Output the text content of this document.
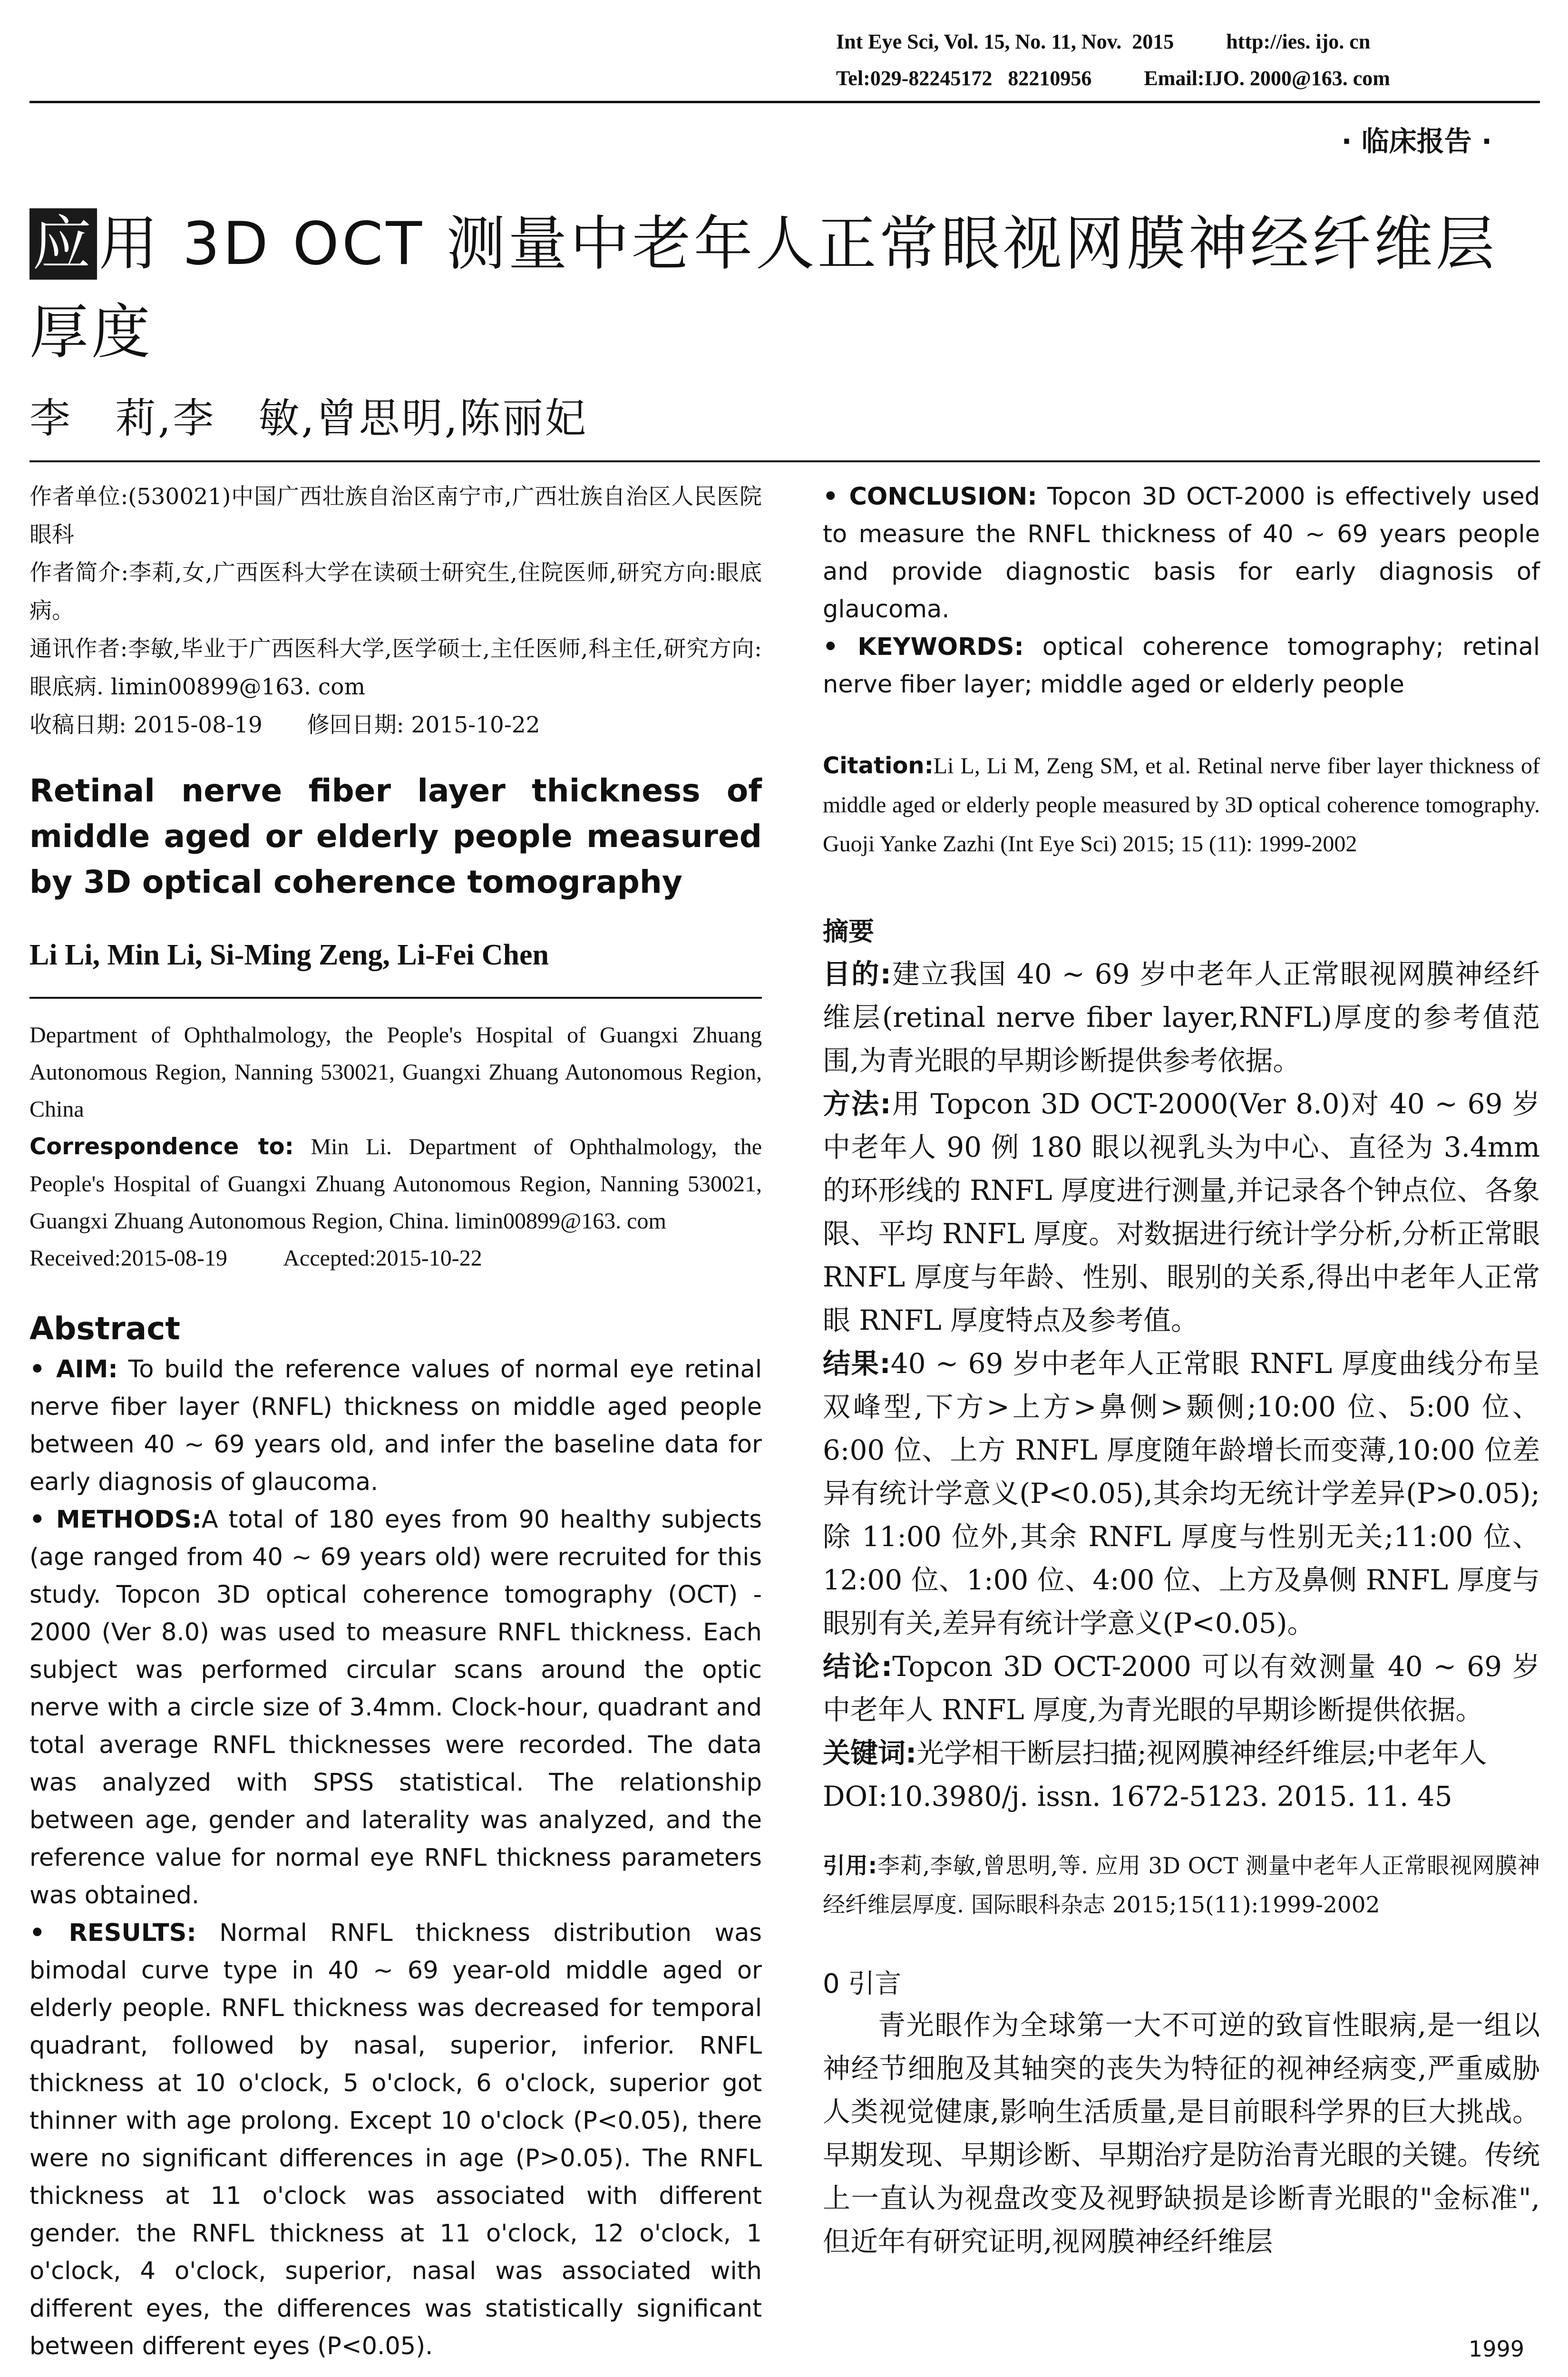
Int Eye Sci, Vol. 15, No. 11, Nov.  2015          http://ies. ijo. cn
Tel:029-82245172   82210956          Email:IJO. 2000@163. com
· 临床报告 ·
应用 3D OCT 测量中老年人正常眼视网膜神经纤维层厚度
李　莉,李　敏,曾思明,陈丽妃
作者单位:(530021)中国广西壮族自治区南宁市,广西壮族自治区人民医院眼科
作者简介:李莉,女,广西医科大学在读硕士研究生,住院医师,研究方向:眼底病。
通讯作者:李敏,毕业于广西医科大学,医学硕士,主任医师,科主任,研究方向:眼底病. limin00899@163. com
收稿日期: 2015-08-19　　修回日期: 2015-10-22
Retinal nerve fiber layer thickness of middle aged or elderly people measured by 3D optical coherence tomography
Li Li, Min Li, Si-Ming Zeng, Li-Fei Chen
Department of Ophthalmology, the People's Hospital of Guangxi Zhuang Autonomous Region, Nanning 530021, Guangxi Zhuang Autonomous Region, China
Correspondence to: Min Li. Department of Ophthalmology, the People's Hospital of Guangxi Zhuang Autonomous Region, Nanning 530021, Guangxi Zhuang Autonomous Region, China. limin00899@163. com
Received:2015-08-19 Accepted:2015-10-22
Abstract

• AIM: To build the reference values of normal eye retinal nerve fiber layer (RNFL) thickness on middle aged people between 40 ~ 69 years old, and infer the baseline data for early diagnosis of glaucoma.

• METHODS:A total of 180 eyes from 90 healthy subjects (age ranged from 40 ~ 69 years old) were recruited for this study. Topcon 3D optical coherence tomography (OCT) - 2000 (Ver 8.0) was used to measure RNFL thickness. Each subject was performed circular scans around the optic nerve with a circle size of 3.4mm. Clock-hour, quadrant and total average RNFL thicknesses were recorded. The data was analyzed with SPSS statistical. The relationship between age, gender and laterality was analyzed, and the reference value for normal eye RNFL thickness parameters was obtained.

• RESULTS: Normal RNFL thickness distribution was bimodal curve type in 40 ~ 69 year-old middle aged or elderly people. RNFL thickness was decreased for temporal quadrant, followed by nasal, superior, inferior. RNFL thickness at 10 o'clock, 5 o'clock, 6 o'clock, superior got thinner with age prolong. Except 10 o'clock (P<0.05), there were no significant differences in age (P>0.05). The RNFL thickness at 11 o'clock was associated with different gender. the RNFL thickness at 11 o'clock, 12 o'clock, 1 o'clock, 4 o'clock, superior, nasal was associated with different eyes, the differences was statistically significant between different eyes (P<0.05).

• CONCLUSION: Topcon 3D OCT-2000 is effectively used to measure the RNFL thickness of 40 ~ 69 years people and provide diagnostic basis for early diagnosis of glaucoma.

• KEYWORDS: optical coherence tomography; retinal nerve fiber layer; middle aged or elderly people

Citation:Li L, Li M, Zeng SM, et al. Retinal nerve fiber layer thickness of middle aged or elderly people measured by 3D optical coherence tomography. Guoji Yanke Zazhi (Int Eye Sci) 2015; 15 (11): 1999-2002
摘要
目的:建立我国 40 ~ 69 岁中老年人正常眼视网膜神经纤维层(retinal nerve fiber layer,RNFL)厚度的参考值范围,为青光眼的早期诊断提供参考依据。
方法:用 Topcon 3D OCT-2000(Ver 8.0)对 40 ~ 69 岁中老年人 90 例 180 眼以视乳头为中心、直径为 3.4mm 的环形线的 RNFL 厚度进行测量,并记录各个钟点位、各象限、平均 RNFL 厚度。对数据进行统计学分析,分析正常眼 RNFL 厚度与年龄、性别、眼别的关系,得出中老年人正常眼 RNFL 厚度特点及参考值。
结果:40 ~ 69 岁中老年人正常眼 RNFL 厚度曲线分布呈双峰型,下方>上方>鼻侧>颞侧;10:00 位、5:00 位、6:00 位、上方 RNFL 厚度随年龄增长而变薄,10:00 位差异有统计学意义(P<0.05),其余均无统计学差异(P>0.05);除 11:00 位外,其余 RNFL 厚度与性别无关;11:00 位、12:00 位、1:00 位、4:00 位、上方及鼻侧 RNFL 厚度与眼别有关,差异有统计学意义(P<0.05)。
结论:Topcon 3D OCT-2000 可以有效测量 40 ~ 69 岁中老年人 RNFL 厚度,为青光眼的早期诊断提供依据。
关键词:光学相干断层扫描;视网膜神经纤维层;中老年人
DOI:10.3980/j. issn. 1672-5123. 2015. 11. 45
引用:李莉,李敏,曾思明,等. 应用 3D OCT 测量中老年人正常眼视网膜神经纤维层厚度. 国际眼科杂志 2015;15(11):1999-2002
0 引言
青光眼作为全球第一大不可逆的致盲性眼病,是一组以神经节细胞及其轴突的丧失为特征的视神经病变,严重威胁人类视觉健康,影响生活质量,是目前眼科学界的巨大挑战。早期发现、早期诊断、早期治疗是防治青光眼的关键。传统上一直认为视盘改变及视野缺损是诊断青光眼的"金标准",但近年有研究证明,视网膜神经纤维层
1999
